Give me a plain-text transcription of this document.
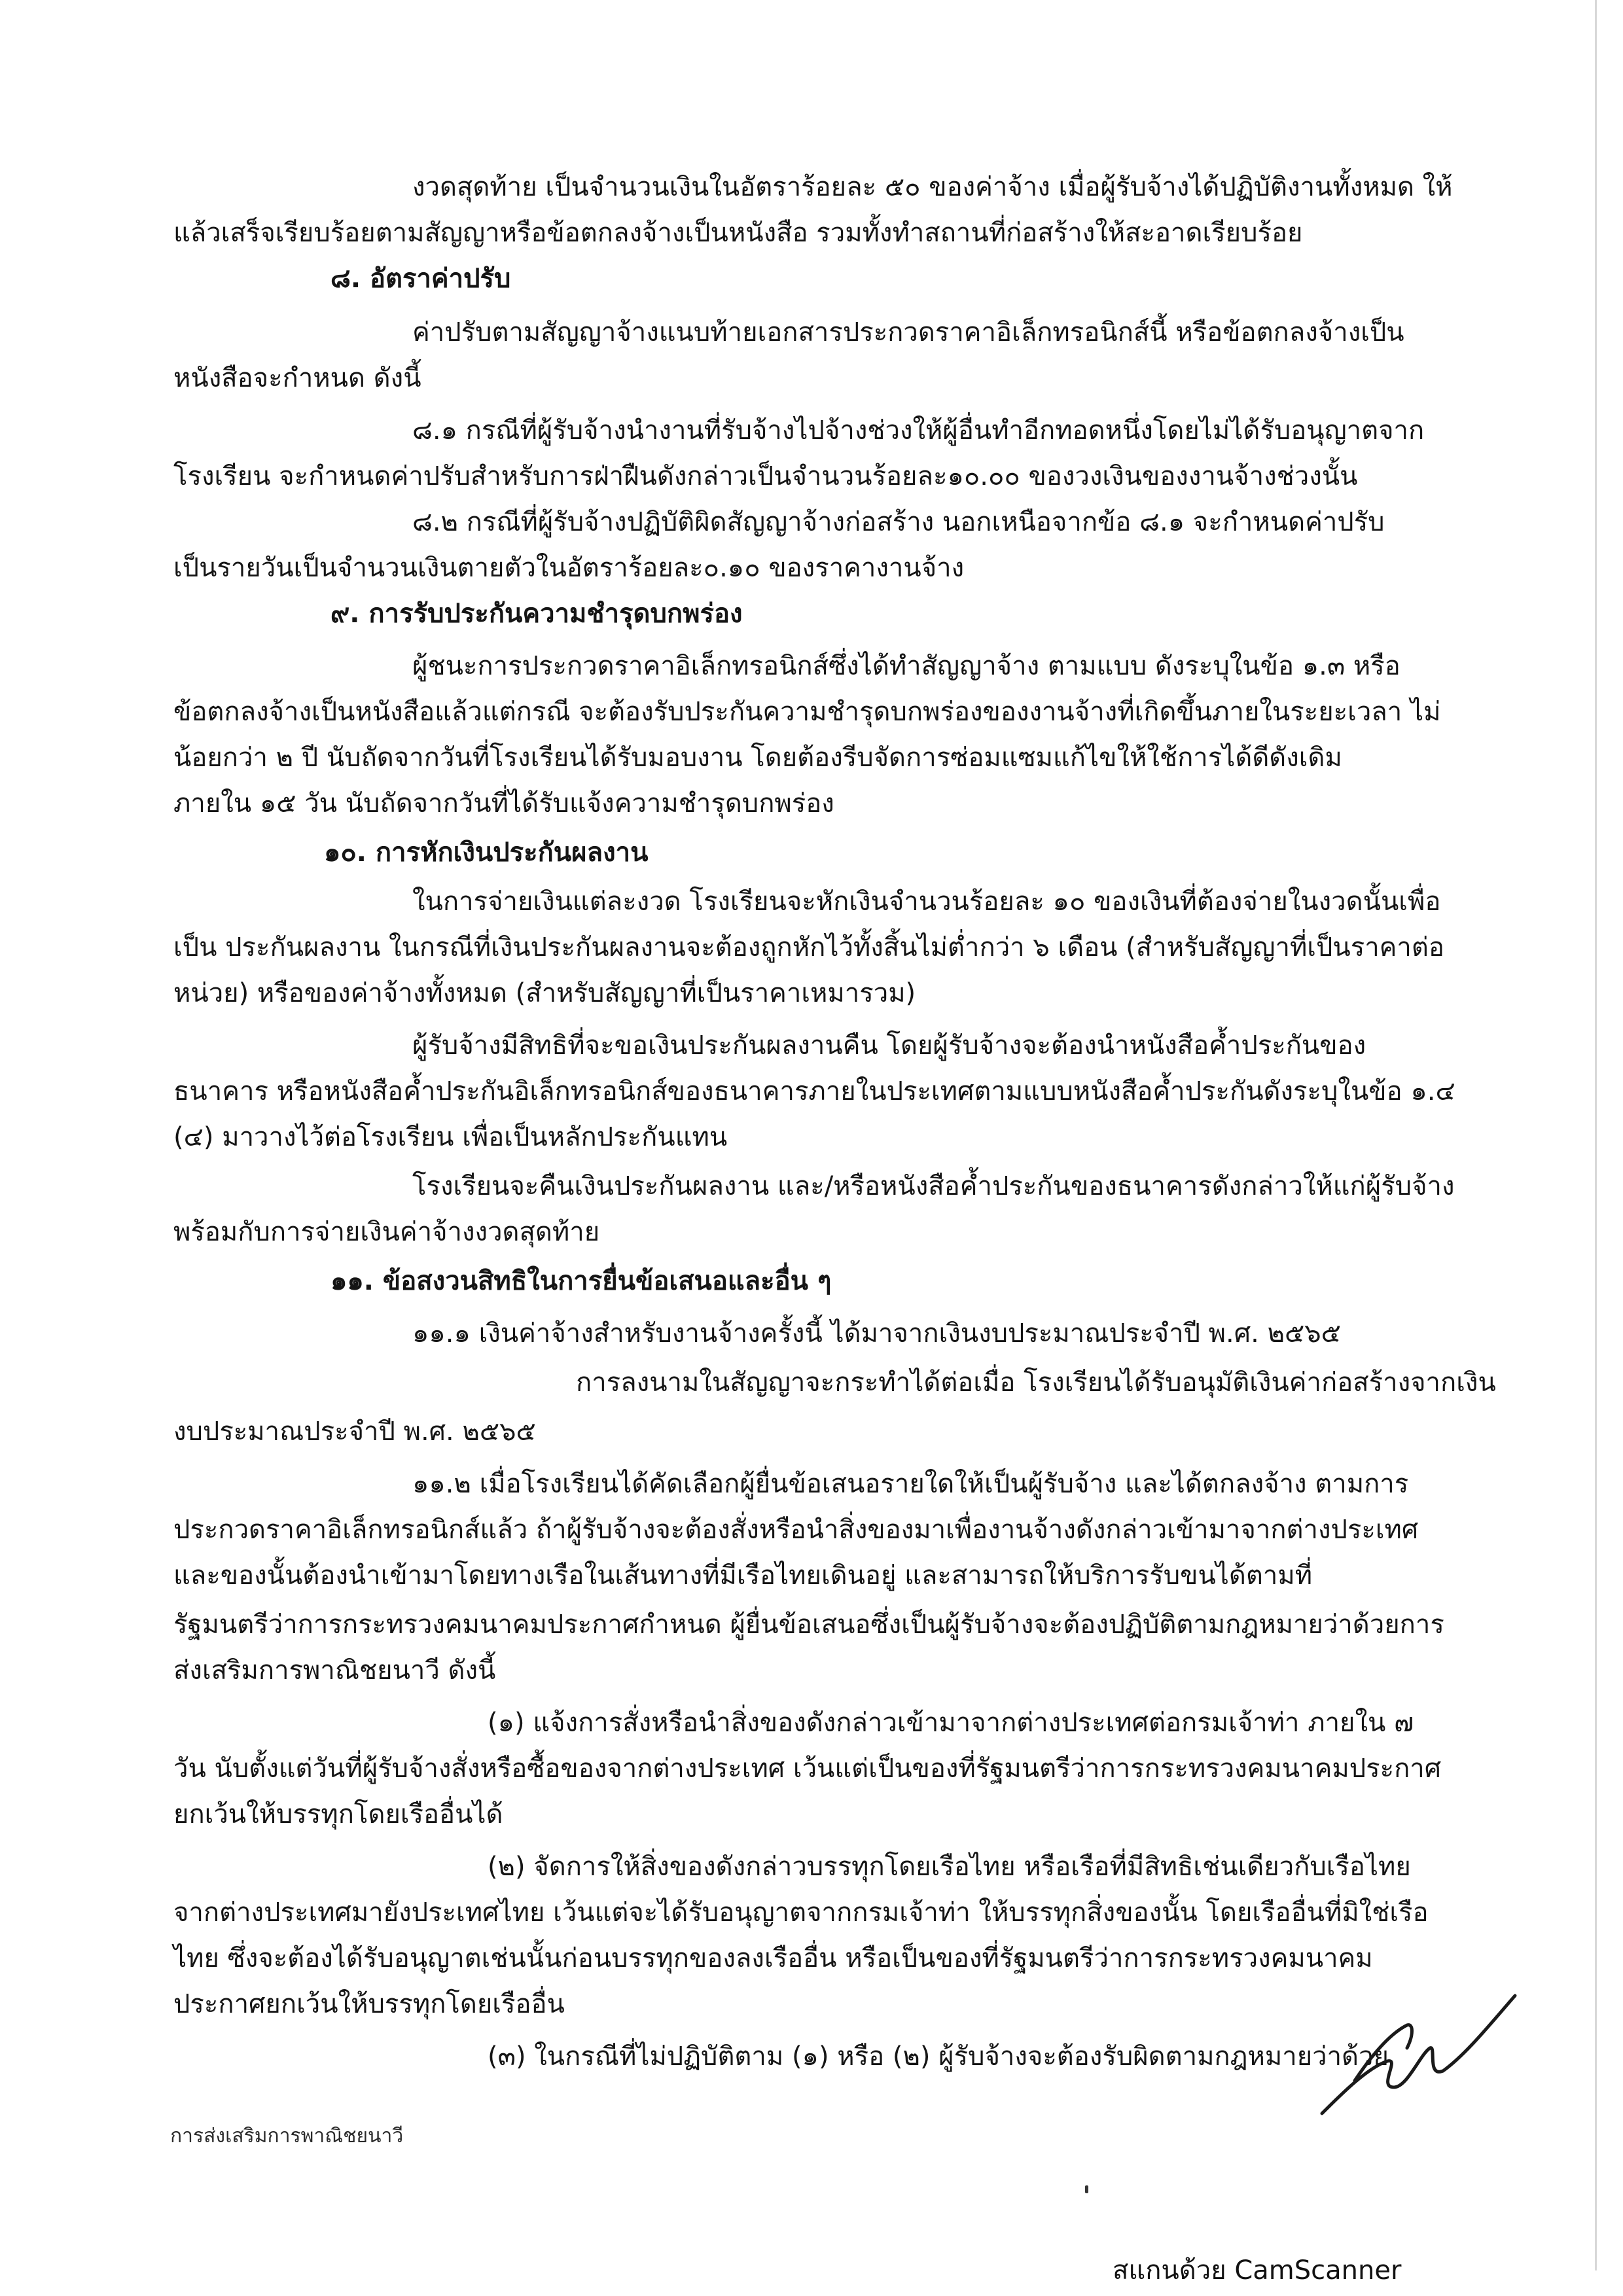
งวดสุดท้าย เป็นจำนวนเงินในอัตราร้อยละ ๕๐ ของค่าจ้าง เมื่อผู้รับจ้างได้ปฏิบัติงานทั้งหมด ให้
แล้วเสร็จเรียบร้อยตามสัญญาหรือข้อตกลงจ้างเป็นหนังสือ รวมทั้งทำสถานที่ก่อสร้างให้สะอาดเรียบร้อย
๘. อัตราค่าปรับ
ค่าปรับตามสัญญาจ้างแนบท้ายเอกสารประกวดราคาอิเล็กทรอนิกส์นี้ หรือข้อตกลงจ้างเป็น
หนังสือจะกำหนด ดังนี้
๘.๑ กรณีที่ผู้รับจ้างนำงานที่รับจ้างไปจ้างช่วงให้ผู้อื่นทำอีกทอดหนึ่งโดยไม่ได้รับอนุญาตจาก
โรงเรียน จะกำหนดค่าปรับสำหรับการฝ่าฝืนดังกล่าวเป็นจำนวนร้อยละ๑๐.๐๐ ของวงเงินของงานจ้างช่วงนั้น
๘.๒ กรณีที่ผู้รับจ้างปฏิบัติผิดสัญญาจ้างก่อสร้าง นอกเหนือจากข้อ ๘.๑ จะกำหนดค่าปรับ
เป็นรายวันเป็นจำนวนเงินตายตัวในอัตราร้อยละ๐.๑๐ ของราคางานจ้าง
๙. การรับประกันความชำรุดบกพร่อง
ผู้ชนะการประกวดราคาอิเล็กทรอนิกส์ซึ่งได้ทำสัญญาจ้าง ตามแบบ ดังระบุในข้อ ๑.๓ หรือ
ข้อตกลงจ้างเป็นหนังสือแล้วแต่กรณี จะต้องรับประกันความชำรุดบกพร่องของงานจ้างที่เกิดขึ้นภายในระยะเวลา ไม่
น้อยกว่า ๒ ปี นับถัดจากวันที่โรงเรียนได้รับมอบงาน โดยต้องรีบจัดการซ่อมแซมแก้ไขให้ใช้การได้ดีดังเดิม
ภายใน ๑๕ วัน นับถัดจากวันที่ได้รับแจ้งความชำรุดบกพร่อง
๑๐. การหักเงินประกันผลงาน
ในการจ่ายเงินแต่ละงวด โรงเรียนจะหักเงินจำนวนร้อยละ ๑๐ ของเงินที่ต้องจ่ายในงวดนั้นเพื่อ
เป็น ประกันผลงาน ในกรณีที่เงินประกันผลงานจะต้องถูกหักไว้ทั้งสิ้นไม่ต่ำกว่า ๖ เดือน (สำหรับสัญญาที่เป็นราคาต่อ
หน่วย) หรือของค่าจ้างทั้งหมด (สำหรับสัญญาที่เป็นราคาเหมารวม)
ผู้รับจ้างมีสิทธิที่จะขอเงินประกันผลงานคืน โดยผู้รับจ้างจะต้องนำหนังสือค้ำประกันของ
ธนาคาร หรือหนังสือค้ำประกันอิเล็กทรอนิกส์ของธนาคารภายในประเทศตามแบบหนังสือค้ำประกันดังระบุในข้อ ๑.๔
(๔) มาวางไว้ต่อโรงเรียน เพื่อเป็นหลักประกันแทน
โรงเรียนจะคืนเงินประกันผลงาน และ/หรือหนังสือค้ำประกันของธนาคารดังกล่าวให้แก่ผู้รับจ้าง
พร้อมกับการจ่ายเงินค่าจ้างงวดสุดท้าย
๑๑. ข้อสงวนสิทธิในการยื่นข้อเสนอและอื่น ๆ
๑๑.๑ เงินค่าจ้างสำหรับงานจ้างครั้งนี้ ได้มาจากเงินงบประมาณประจำปี พ.ศ. ๒๕๖๕
การลงนามในสัญญาจะกระทำได้ต่อเมื่อ โรงเรียนได้รับอนุมัติเงินค่าก่อสร้างจากเงิน
งบประมาณประจำปี พ.ศ. ๒๕๖๕
๑๑.๒ เมื่อโรงเรียนได้คัดเลือกผู้ยื่นข้อเสนอรายใดให้เป็นผู้รับจ้าง และได้ตกลงจ้าง ตามการ
ประกวดราคาอิเล็กทรอนิกส์แล้ว ถ้าผู้รับจ้างจะต้องสั่งหรือนำสิ่งของมาเพื่องานจ้างดังกล่าวเข้ามาจากต่างประเทศ
และของนั้นต้องนำเข้ามาโดยทางเรือในเส้นทางที่มีเรือไทยเดินอยู่ และสามารถให้บริการรับขนได้ตามที่
รัฐมนตรีว่าการกระทรวงคมนาคมประกาศกำหนด ผู้ยื่นข้อเสนอซึ่งเป็นผู้รับจ้างจะต้องปฏิบัติตามกฎหมายว่าด้วยการ
ส่งเสริมการพาณิชยนาวี ดังนี้
(๑) แจ้งการสั่งหรือนำสิ่งของดังกล่าวเข้ามาจากต่างประเทศต่อกรมเจ้าท่า ภายใน ๗
วัน นับตั้งแต่วันที่ผู้รับจ้างสั่งหรือซื้อของจากต่างประเทศ เว้นแต่เป็นของที่รัฐมนตรีว่าการกระทรวงคมนาคมประกาศ
ยกเว้นให้บรรทุกโดยเรืออื่นได้
(๒) จัดการให้สิ่งของดังกล่าวบรรทุกโดยเรือไทย หรือเรือที่มีสิทธิเช่นเดียวกับเรือไทย
จากต่างประเทศมายังประเทศไทย เว้นแต่จะได้รับอนุญาตจากกรมเจ้าท่า ให้บรรทุกสิ่งของนั้น โดยเรืออื่นที่มิใช่เรือ
ไทย ซึ่งจะต้องได้รับอนุญาตเช่นนั้นก่อนบรรทุกของลงเรืออื่น หรือเป็นของที่รัฐมนตรีว่าการกระทรวงคมนาคม
ประกาศยกเว้นให้บรรทุกโดยเรืออื่น
(๓) ในกรณีที่ไม่ปฏิบัติตาม (๑) หรือ (๒) ผู้รับจ้างจะต้องรับผิดตามกฎหมายว่าด้วย
การส่งเสริมการพาณิชยนาวี
สแกนด้วย CamScanner
